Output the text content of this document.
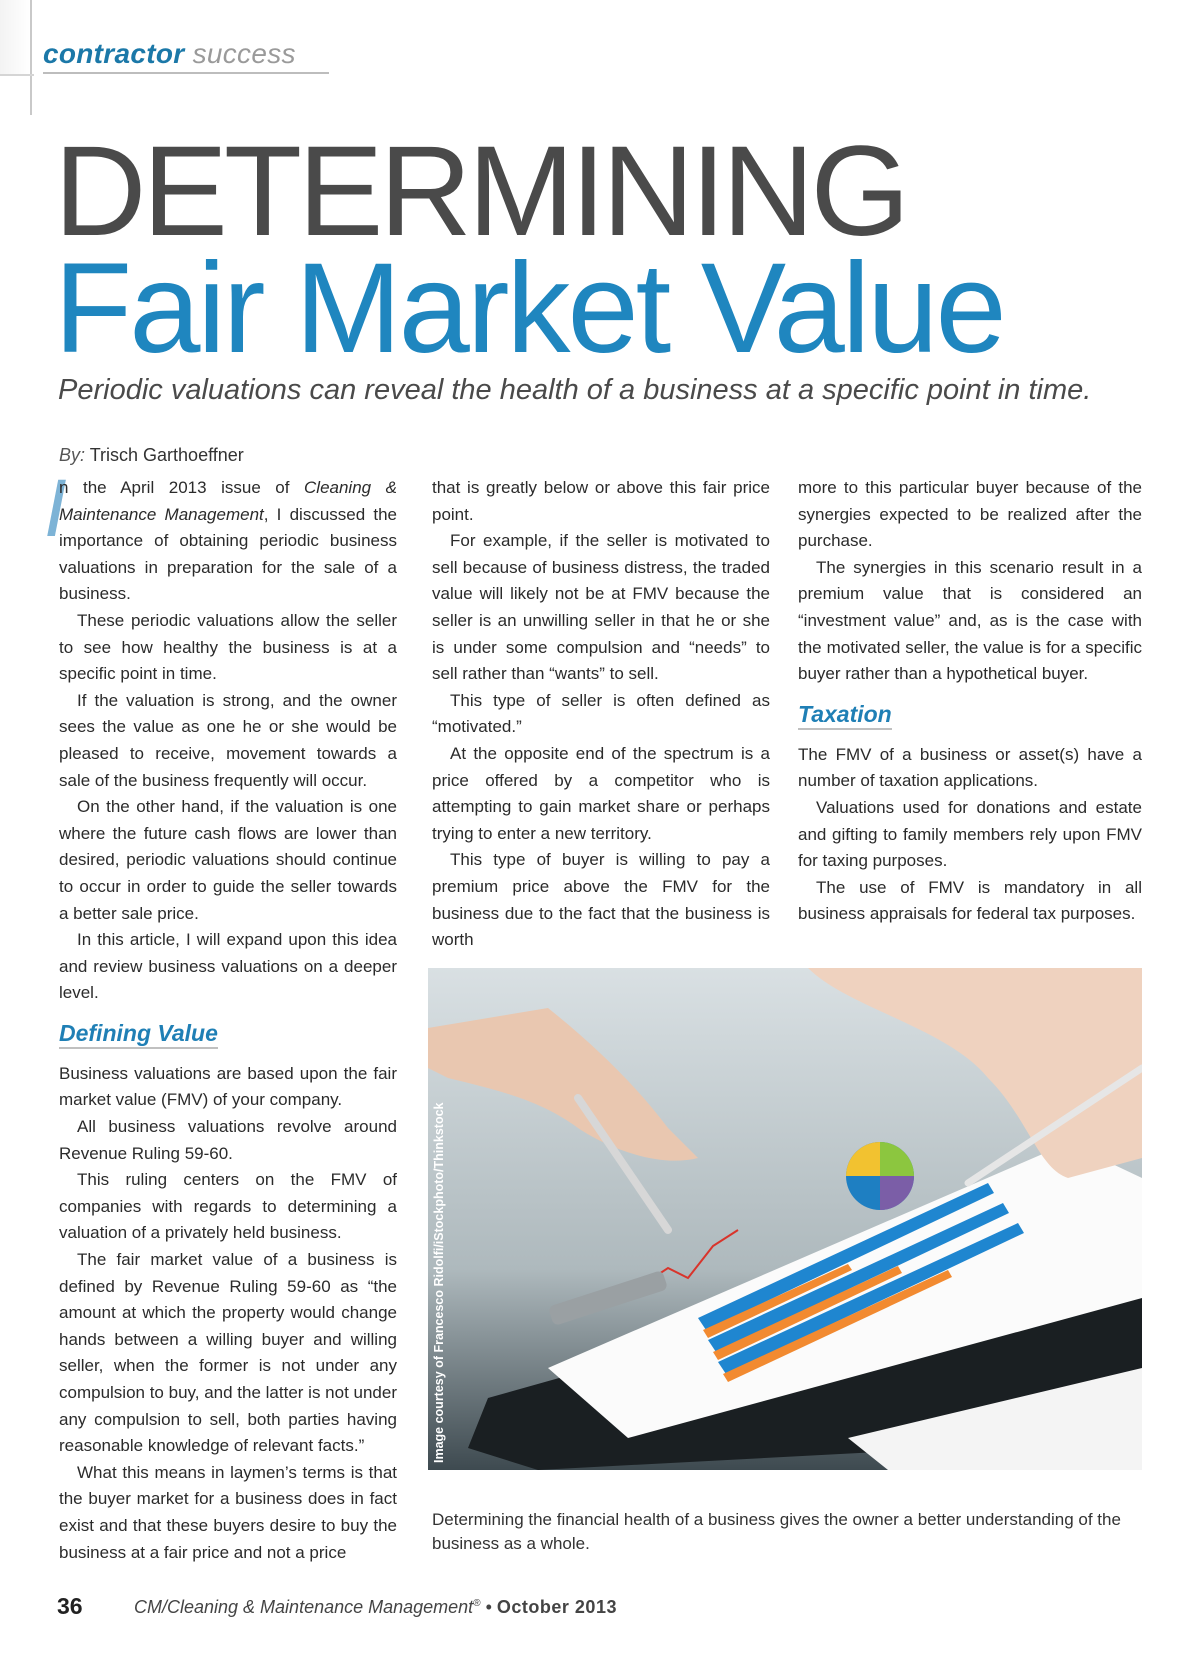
contractor success
DETERMINING
Fair Market Value
Periodic valuations can reveal the health of a business at a specific point in time.
By: Trisch Garthoeffner
I

n the April 2013 issue of Cleaning & Maintenance Management, I discussed the importance of obtaining periodic business valuations in preparation for the sale of a business.

These periodic valuations allow the seller to see how healthy the business is at a specific point in time.

If the valuation is strong, and the owner sees the value as one he or she would be pleased to receive, movement towards a sale of the business frequently will occur.

On the other hand, if the valuation is one where the future cash flows are lower than desired, periodic valuations should continue to occur in order to guide the seller towards a better sale price.

In this article, I will expand upon this idea and review business valuations on a deeper level.

Defining Value

Business valuations are based upon the fair market value (FMV) of your company.

All business valuations revolve around Revenue Ruling 59-60.

This ruling centers on the FMV of companies with regards to determining a valuation of a privately held business.

The fair market value of a business is defined by Revenue Ruling 59-60 as “the amount at which the property would change hands between a willing buyer and willing seller, when the former is not under any compulsion to buy, and the latter is not under any compulsion to sell, both parties having reasonable knowledge of relevant facts.”

What this means in laymen’s terms is that the buyer market for a business does in fact exist and that these buyers desire to buy the business at a fair price and not a price

that is greatly below or above this fair price point.

For example, if the seller is motivated to sell because of business distress, the traded value will likely not be at FMV because the seller is an unwilling seller in that he or she is under some compulsion and “needs” to sell rather than “wants” to sell.

This type of seller is often defined as “motivated.”

At the opposite end of the spectrum is a price offered by a competitor who is attempting to gain market share or perhaps trying to enter a new territory.

This type of buyer is willing to pay a premium price above the FMV for the business due to the fact that the business is worth

more to this particular buyer because of the synergies expected to be realized after the purchase.

The synergies in this scenario result in a premium value that is considered an “investment value” and, as is the case with the motivated seller, the value is for a specific buyer rather than a hypothetical buyer.

Taxation

The FMV of a business or asset(s) have a number of taxation applications.

Valuations used for donations and estate and gifting to family members rely upon FMV for taxing purposes.

The use of FMV is mandatory in all business appraisals for federal tax purposes.

Determining the financial health of a business gives the owner a better understanding of the business as a whole.
36	CM/Cleaning & Maintenance Management® • October 2013
